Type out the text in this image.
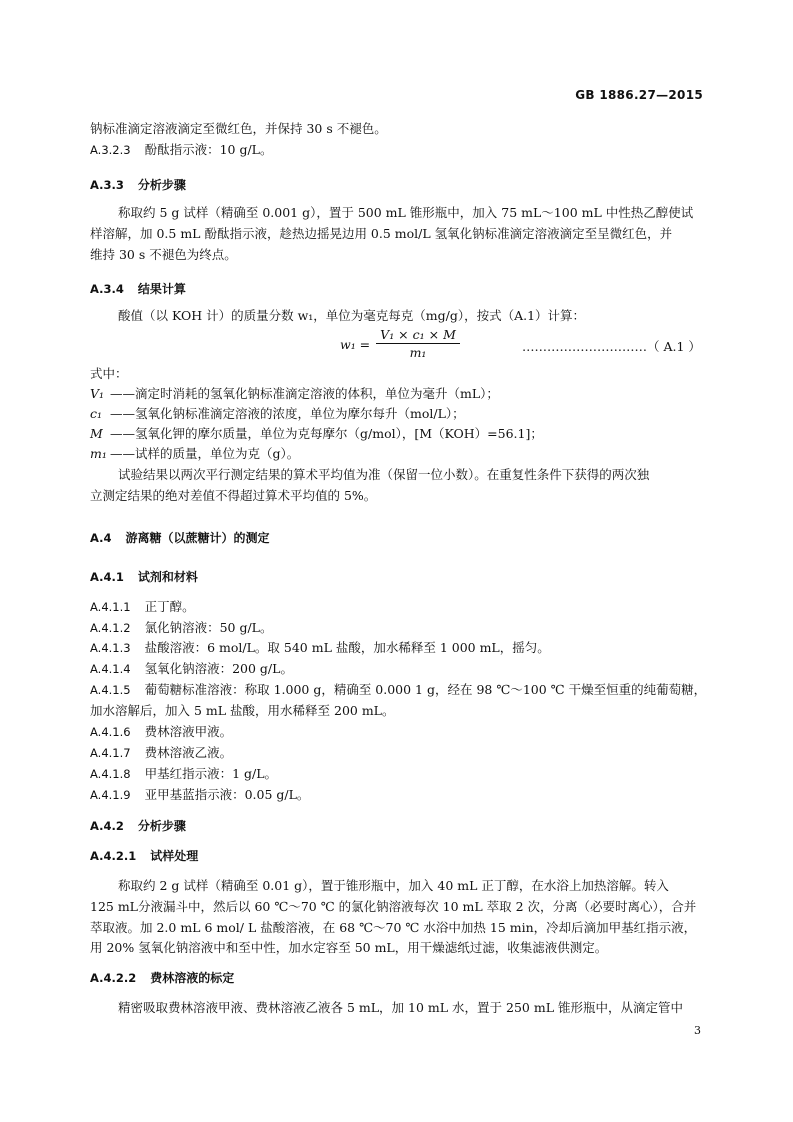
GB 1886.27—2015
钠标准滴定溶液滴定至微红色，并保持 30 s 不褪色。
A.3.2.3 酚酞指示液：10 g/L。
A.3.3 分析步骤
称取约 5 g 试样（精确至 0.001 g），置于 500 mL 锥形瓶中，加入 75 mL～100 mL 中性热乙醇使试
样溶解，加 0.5 mL 酚酞指示液，趁热边摇晃边用 0.5 mol/L 氢氧化钠标准滴定溶液滴定至呈微红色，并
维持 30 s 不褪色为终点。
A.3.4 结果计算
酸值（以 KOH 计）的质量分数 w₁，单位为毫克每克（mg/g），按式（A.1）计算：
$w_1 = \frac{\text{V₁ × c₁ × M}}{\text{m₁}}$	…………………………（ A.1 ）
式中：
V₁ ——滴定时消耗的氢氧化钠标准滴定溶液的体积，单位为毫升（mL）；
c₁ ——氢氧化钠标准滴定溶液的浓度，单位为摩尔每升（mol/L）；
M ——氢氧化钾的摩尔质量，单位为克每摩尔（g/mol），[M（KOH）=56.1]；
m₁ ——试样的质量，单位为克（g）。
试验结果以两次平行测定结果的算术平均值为准（保留一位小数）。在重复性条件下获得的两次独
立测定结果的绝对差值不得超过算术平均值的 5%。
A.4 游离糖（以蔗糖计）的测定
A.4.1 试剂和材料
A.4.1.1 正丁醇。
A.4.1.2 氯化钠溶液：50 g/L。
A.4.1.3 盐酸溶液：6 mol/L。取 540 mL 盐酸，加水稀释至 1 000 mL，摇匀。
A.4.1.4 氢氧化钠溶液：200 g/L。
A.4.1.5 葡萄糖标准溶液：称取 1.000 g，精确至 0.000 1 g，经在 98 ℃～100 ℃ 干燥至恒重的纯葡萄糖，
加水溶解后，加入 5 mL 盐酸，用水稀释至 200 mL。
A.4.1.6 费林溶液甲液。
A.4.1.7 费林溶液乙液。
A.4.1.8 甲基红指示液：1 g/L。
A.4.1.9 亚甲基蓝指示液：0.05 g/L。
A.4.2 分析步骤
A.4.2.1 试样处理
称取约 2 g 试样（精确至 0.01 g），置于锥形瓶中，加入 40 mL 正丁醇，在水浴上加热溶解。转入
125 mL分液漏斗中，然后以 60 ℃～70 ℃ 的氯化钠溶液每次 10 mL 萃取 2 次，分离（必要时离心），合并
萃取液。加 2.0 mL 6 mol/ L 盐酸溶液，在 68 ℃～70 ℃ 水浴中加热 15 min，冷却后滴加甲基红指示液，
用 20% 氢氧化钠溶液中和至中性，加水定容至 50 mL，用干燥滤纸过滤，收集滤液供测定。
A.4.2.2 费林溶液的标定
精密吸取费林溶液甲液、费林溶液乙液各 5 mL，加 10 mL 水，置于 250 mL 锥形瓶中，从滴定管中
3
